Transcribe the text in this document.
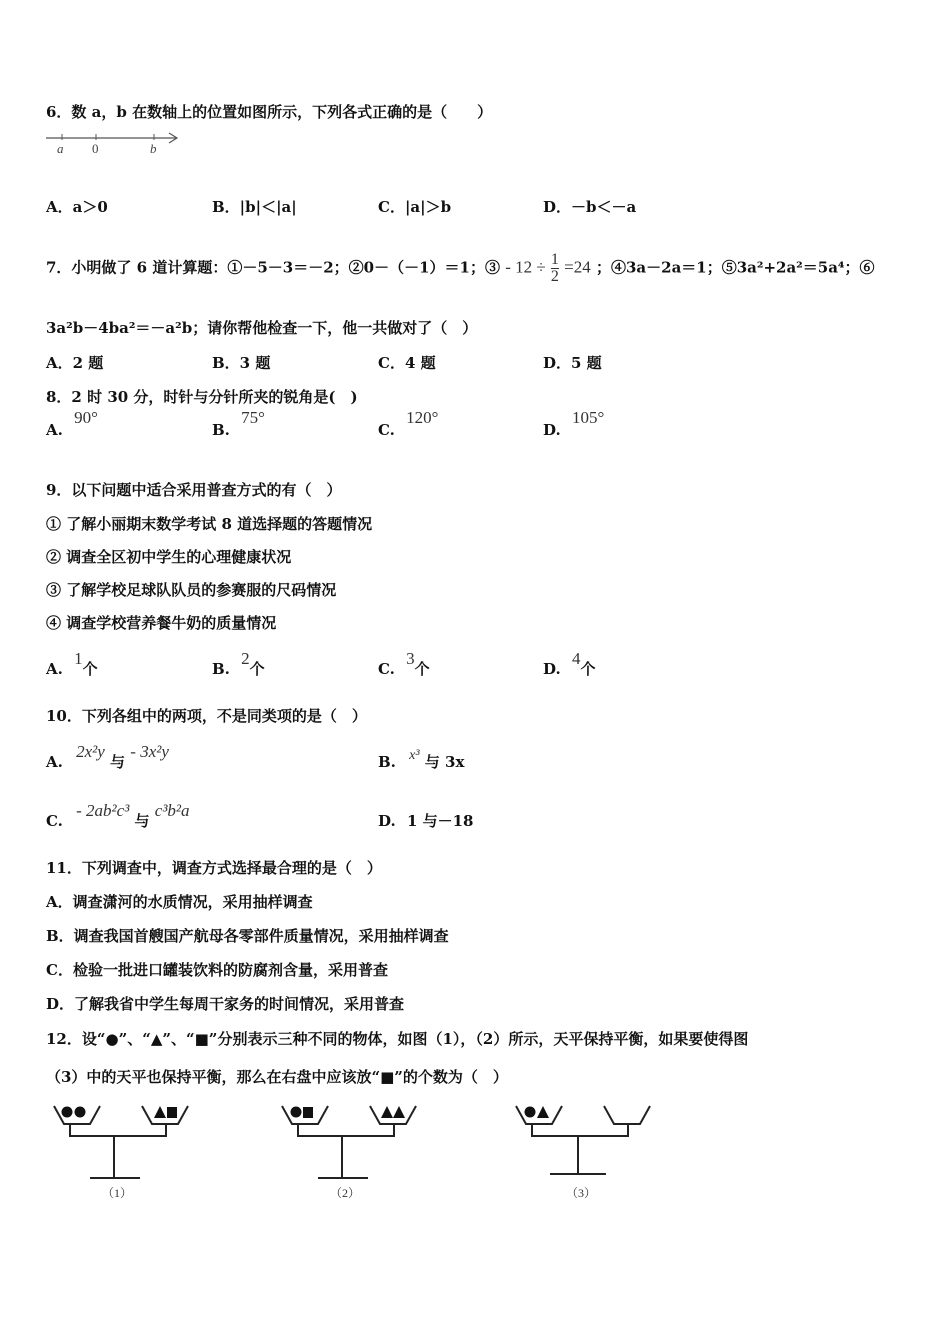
6．数 a，b 在数轴上的位置如图所示，下列各式正确的是（　　）
a 0	b
A．a＞0	B．|b|＜|a|	C．|a|＞b	D．－b＜－a
7．小明做了 6 道计算题：①－5－3＝－2；②0－（－1）＝1；③ - $12 \div \frac{1}{2} =24$ ；④3a－2a＝1；⑤3a²+2a²＝5a⁴；⑥
3a²b－4ba²＝－a²b；请你帮他检查一下，他一共做对了（　）
A．2 题	B．3 题	C．4 题	D．5 题
8．2 时 30 分，时针与分针所夹的锐角是(　)
A. 90°
B. 75°
C. 120°
D. 105°
9．以下问题中适合采用普查方式的有（　）
① 了解小丽期末数学考试 8 道选择题的答题情况
② 调查全区初中学生的心理健康状况
③ 了解学校足球队队员的参赛服的尺码情况
④ 调查学校营养餐牛奶的质量情况
A. 1个	B. 2个	C. 3个	D. 4个
10．下列各组中的两项，不是同类项的是（　）
A. 2x²y 与 - 3x²y
B. x³ 与 3x
C. - 2ab²c³ 与 c³b²a
D. 1 与－18
11．下列调查中，调查方式选择最合理的是（　）
A．调查潇河的水质情况，采用抽样调查
B．调查我国首艘国产航母各零部件质量情况，采用抽样调查
C．检验一批进口罐装饮料的防腐剂含量，采用普查
D．了解我省中学生每周干家务的时间情况，采用普查
12．设“●”、“▲”、“■”分别表示三种不同的物体，如图（1），（2）所示，天平保持平衡，如果要使得图
（3）中的天平也保持平衡，那么在右盘中应该放“■”的个数为（　）
（1）	（2）	（3）
